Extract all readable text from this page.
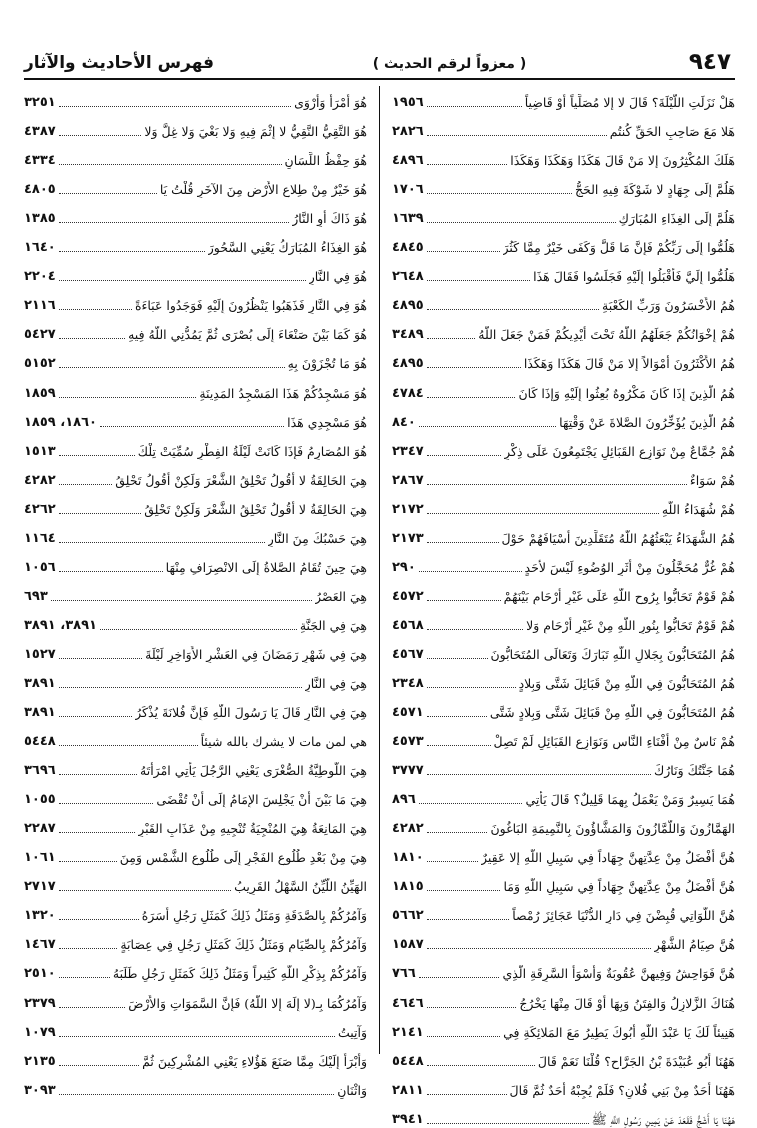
٩٤٧
( معزواً لرقم الحديث )
فهرس الأحاديث والآثار
هَلْ نَزَلَتِ اللَّيْلَةَ؟ قَالَ لا إلا مُصَلِّياً أَوْ قَاضِياً
١٩٥٦
هَلا مَعَ صَاحِبِ الحَقِّ كُنتُم
٢٨٢٦
هَلَكَ المُكْثِرُونَ إلا مَنْ قَالَ هَكَذَا وَهَكَذَا وَهَكَذَا
٤٨٩٦
هَلُمَّ إِلَى جِهَادٍ لا شَوْكَةَ فِيهِ الحَجُّ
١٧٠٦
هَلُمَّ إِلَى الغِذَاءِ المُبَارَكِ
١٦٣٩
هَلُمُّوا إِلَى رَبِّكُمْ فَإِنَّ مَا قَلَّ وَكَفَى خَيْرٌ مِمَّا كَثُرَ
٤٨٤٥
هَلُمُّوا إِلَيَّ فَأَقْبَلُوا إِلَيْهِ فَجَلَسُوا فَقَالَ هَذَا
٢٦٤٨
هُمُ الأَخْسَرُونَ وَرَبِّ الكَعْبَةِ
٤٨٩٥
هُمْ إِخْوَانُكُمْ جَعَلَهُمُ اللَّهُ تَحْتَ أَيْدِيكُمْ فَمَنْ جَعَلَ اللَّهُ
٣٤٨٩
هُمُ الأَكْثَرُونَ أَمْوَالاً إلا مَنْ قَالَ هَكَذَا وَهَكَذَا
٤٨٩٥
هُمُ الَّذِينَ إِذَا كَانَ مَكْرُوهٌ بُعِثُوا إِلَيْهِ وَإِذَا كَانَ
٤٧٨٤
هُمُ الَّذِينَ يُؤَخِّرُونَ الصَّلاةَ عَنْ وَقْتِهَا
٨٤٠
هُمْ جُمَّاعٌ مِنْ نَوَازِعِ القَبَائِلِ يَجْتَمِعُونَ عَلَى ذِكْرِ
٢٣٤٧
هُمْ سَوَاءٌ
٢٨٦٧
هُمْ شُهَدَاءُ اللَّهِ
٢١٧٢
هُمُ الشُّهَدَاءُ يَبْعَثُهُمُ اللَّهُ مُتَقَلِّدِينَ أَسْيَافَهُمْ حَوْلَ
٢١٧٣
هُمْ غُرٌّ مُحَجَّلُونَ مِنْ أَثَرِ الوُضُوءِ لَيْسَ لأحَدٍ
٢٩٠
هُمْ قَوْمٌ تَحَابُّوا بِرُوحِ اللَّهِ عَلَى غَيْرِ أَرْحَامٍ بَيْنَهُمْ
٤٥٧٢
هُمْ قَوْمٌ تَحَابُّوا بِنُورِ اللَّهِ مِنْ غَيْرِ أَرْحَامٍ وَلا
٤٥٦٨
هُمُ المُتَحَابُّونَ بِجَلالِ اللَّهِ تَبَارَكَ وَتَعَالَى المُتَحَابُّونَ
٤٥٦٧
هُمُ المُتَحَابُّونَ فِي اللَّهِ مِنْ قَبَائِلَ شَتَّى وَبِلادٍ
٢٣٤٨
هُمُ المُتَحَابُّونَ فِي اللَّهِ مِنْ قَبَائِلَ شَتَّى وَبِلادٍ شَتَّى
٤٥٧١
هُمْ نَاسٌ مِنْ أَفْنَاءِ النَّاسِ وَنَوَازِعِ القَبَائِلِ لَمْ تَصِلْ
٤٥٧٣
هُمَا جَنَّتُكَ وَنَارُكَ
٣٧٧٧
هُمَا يَسِيرٌ وَمَنْ يَعْمَلُ بِهِمَا قَلِيلٌ؟ قَالَ يَأْتِي
٨٩٦
الهَمَّازُونَ وَاللَّمَّازُونَ وَالمَشَّاؤُونَ بِالنَّمِيمَةِ البَاغُونَ
٤٢٨٢
هُنَّ أَفْضَلُ مِنْ عِدَّتِهِنَّ جِهَاداً فِي سَبِيلِ اللَّهِ إلا عَقِيرٌ
١٨١٠
هُنَّ أَفْضَلُ مِنْ عِدَّتِهِنَّ جِهَاداً فِي سَبِيلِ اللَّهِ وَمَا
١٨١٥
هُنَّ اللَّوَاتِي قُبِضْنَ فِي دَارِ الدُّنْيَا عَجَائِزَ رُمْصاً
٥٦٦٢
هُنَّ صِيَامُ الشَّهْرِ
١٥٨٧
هُنَّ فَوَاحِشُ وَفِيهِنَّ عُقُوبَةٌ وَأَسْوَأُ السَّرِقَةِ الَّذِي
٧٦٦
هُنَاكَ الزَّلازِلُ وَالفِتَنُ وَبِهَا أَوْ قَالَ مِنْهَا يَخْرُجُ
٤٦٤٦
هَنِيئاً لَكَ يَا عَبْدَ اللَّهِ أَبُوكَ يَطِيرُ مَعَ المَلائِكَةِ فِي
٢١٤١
هَهُنَا أَبُو عُبَيْدَةَ بْنُ الجَرَّاحِ؟ قُلْنَا نَعَمْ قَالَ
٥٤٤٨
هَهُنَا أَحَدٌ مِنْ بَنِي فُلانٍ؟ فَلَمْ يُجِبْهُ أَحَدٌ ثُمَّ قَالَ
٢٨١١
هَهُنَا يَا أَشَجُّ فَقَعَدَ عَنْ يَمِينِ رَسُولِ اللَّهِ ﷺ
٣٩٤١
هُوَ أَمْرَأُ وَأَرْوَى
٣٢٥١
هُوَ التَّقِيُّ النَّقِيُّ لا إِثْمَ فِيهِ وَلا بَغْيَ وَلا غِلَّ وَلا
٤٣٨٧
هُوَ حِفْظُ اللِّسَانِ
٤٣٣٤
هُوَ خَيْرٌ مِنْ طِلاعِ الأَرْضِ مِنَ الآخَرِ قُلْتُ يَا
٤٨٠٥
هُوَ ذَاكَ أَوِ النَّارُ
١٣٨٥
هُوَ الغِذَاءُ المُبَارَكُ يَعْنِي السَّحُورَ
١٦٤٠
هُوَ فِي النَّارِ
٢٢٠٤
هُوَ فِي النَّارِ فَذَهَبُوا يَنْظُرُونَ إِلَيْهِ فَوَجَدُوا عَبَاءَةً
٢١١٦
هُوَ كَمَا بَيْنَ صَنْعَاءَ إِلَى بُصْرَى ثُمَّ يَمُدُّنِي اللَّهُ فِيهِ
٥٤٢٧
هُوَ مَا تُجْزَوْنَ بِهِ
٥١٥٢
هُوَ مَسْجِدُكُمْ هَذَا المَسْجِدُ المَدِينَةِ
١٨٥٩
هُوَ مَسْجِدِي هَذَا
١٨٦٠، ١٨٥٩
هُوَ المُصَارِمُ فَإِذَا كَانَتْ لَيْلَةُ الفِطْرِ سُمِّيَتْ تِلْكَ
١٥١٣
هِيَ الحَالِقَةُ لا أَقُولُ تَحْلِقُ الشَّعْرَ وَلَكِنْ أَقُولُ تَحْلِقُ
٤٢٨٢
هِيَ الحَالِقَةُ لا أَقُولُ تَحْلِقُ الشَّعْرَ وَلَكِنْ تَحْلِقُ
٤٢٦٢
هِيَ حَسْبُكَ مِنَ النَّارِ
١١٦٤
هِيَ حِينَ تُقَامُ الصَّلاةُ إِلَى الانْصِرَافِ مِنْهَا
١٠٥٦
هِيَ العَصْرُ
٦٩٣
هِيَ فِي الجَنَّةِ
٣٨٩١، ٣٨٩١
هِيَ فِي شَهْرِ رَمَضَانَ فِي العَشْرِ الأَوَاخِرِ لَيْلَةَ
١٥٢٧
هِيَ فِي النَّارِ
٣٨٩١
هِيَ فِي النَّارِ قَالَ يَا رَسُولَ اللَّهِ فَإِنَّ فُلانَةَ يُذْكَرُ
٣٨٩١
هي لمن مات لا يشرك بالله شيئاً
٥٤٤٨
هِيَ اللُّوطِيَّةُ الصُّغْرَى يَعْنِي الرَّجُلَ يَأْتِي امْرَأَتَهُ
٣٦٩٦
هِيَ مَا بَيْنَ أَنْ يَجْلِسَ الإِمَامُ إِلَى أَنْ تُقْضَى
١٠٥٥
هِيَ المَانِعَةُ هِيَ المُنْجِيَةُ تُنْجِيهِ مِنْ عَذَابِ القَبْرِ
٢٢٨٧
هِيَ مِنْ بَعْدِ طُلُوعِ الفَجْرِ إِلَى طُلُوعِ الشَّمْسِ وَمِنَ
١٠٦١
الهَيِّنُ اللَّيِّنُ السَّهْلُ القَرِيبُ
٢٧١٧
وَآمُرُكُمْ بِالصَّدَقَةِ وَمَثَلُ ذَلِكَ كَمَثَلِ رَجُلٍ أَسَرَهُ
١٣٢٠
وَآمُرُكُمْ بِالصِّيَامِ وَمَثَلُ ذَلِكَ كَمَثَلِ رَجُلٍ فِي عِصَابَةٍ
١٤٦٧
وَآمُرُكُمْ بِذِكْرِ اللَّهِ كَثِيراً وَمَثَلُ ذَلِكَ كَمَثَلِ رَجُلٍ طَلَبَهُ
٢٥١٠
وَآمُرُكُمَا بِـ(لا إِلَهَ إِلا اللَّهُ) فَإِنَّ السَّمَوَاتِ وَالأَرْضَ
٢٣٧٩
وَآتِيتُ
١٠٧٩
وَأَبْرَأُ إِلَيْكَ مِمَّا صَنَعَ هَؤُلاءِ يَعْنِي المُشْرِكِينَ ثُمَّ
٢١٣٥
وَاثْنَانِ
٣٠٩٣
